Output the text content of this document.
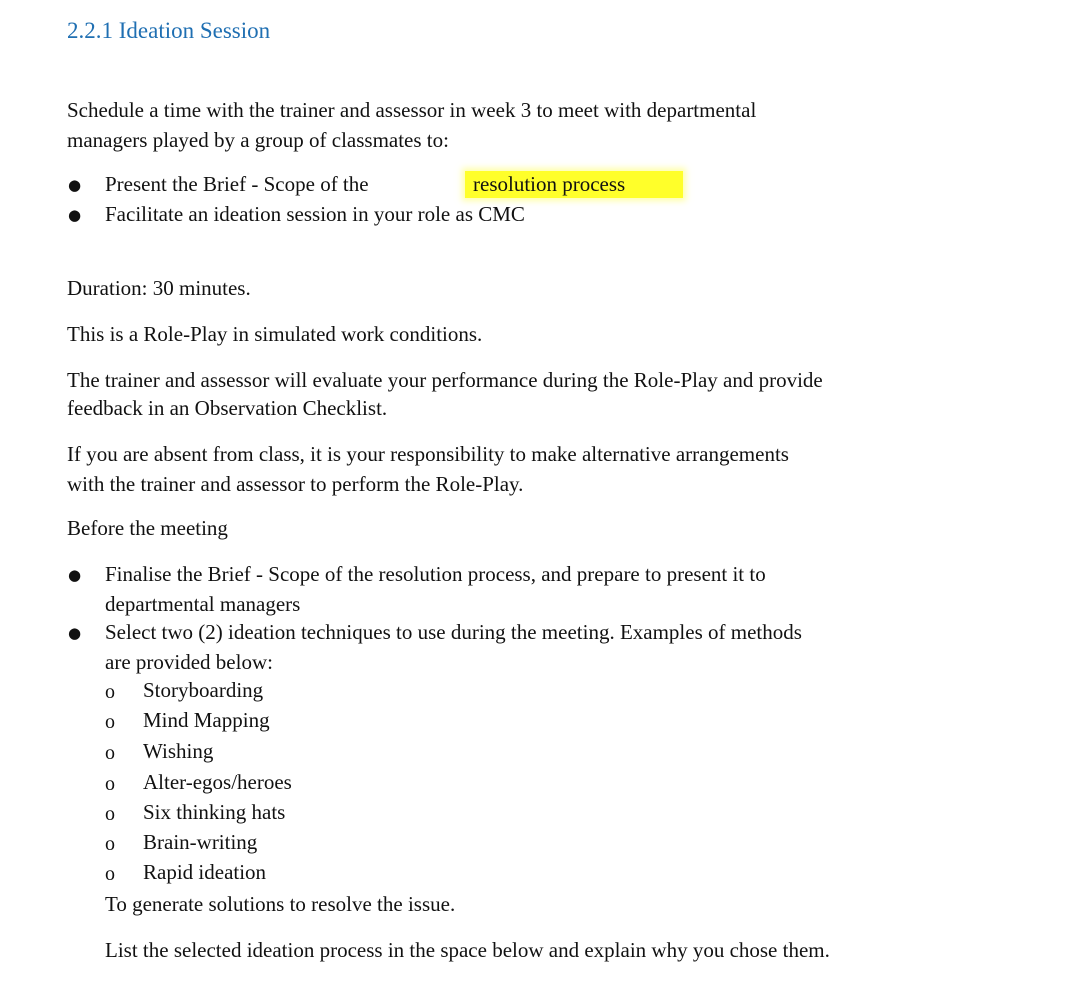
2.2.1 Ideation Session
Schedule a time with the trainer and assessor in week 3 to meet with departmental
managers played by a group of classmates to:
● Present the Brief - Scope of the	resolution process
● Facilitate an ideation session in your role as CMC
Duration: 30 minutes.
This is a Role-Play in simulated work conditions.
The trainer and assessor will evaluate your performance during the Role-Play and provide
feedback in an Observation Checklist.
If you are absent from class, it is your responsibility to make alternative arrangements
with the trainer and assessor to perform the Role-Play.
Before the meeting
● Finalise the Brief - Scope of the resolution process, and prepare to present it to
departmental managers
● Select two (2) ideation techniques to use during the meeting. Examples of methods
are provided below:
o Storyboarding
o Mind Mapping
o Wishing
o Alter-egos/heroes
o Six thinking hats
o Brain-writing
o Rapid ideation
To generate solutions to resolve the issue.
List the selected ideation process in the space below and explain why you chose them.
